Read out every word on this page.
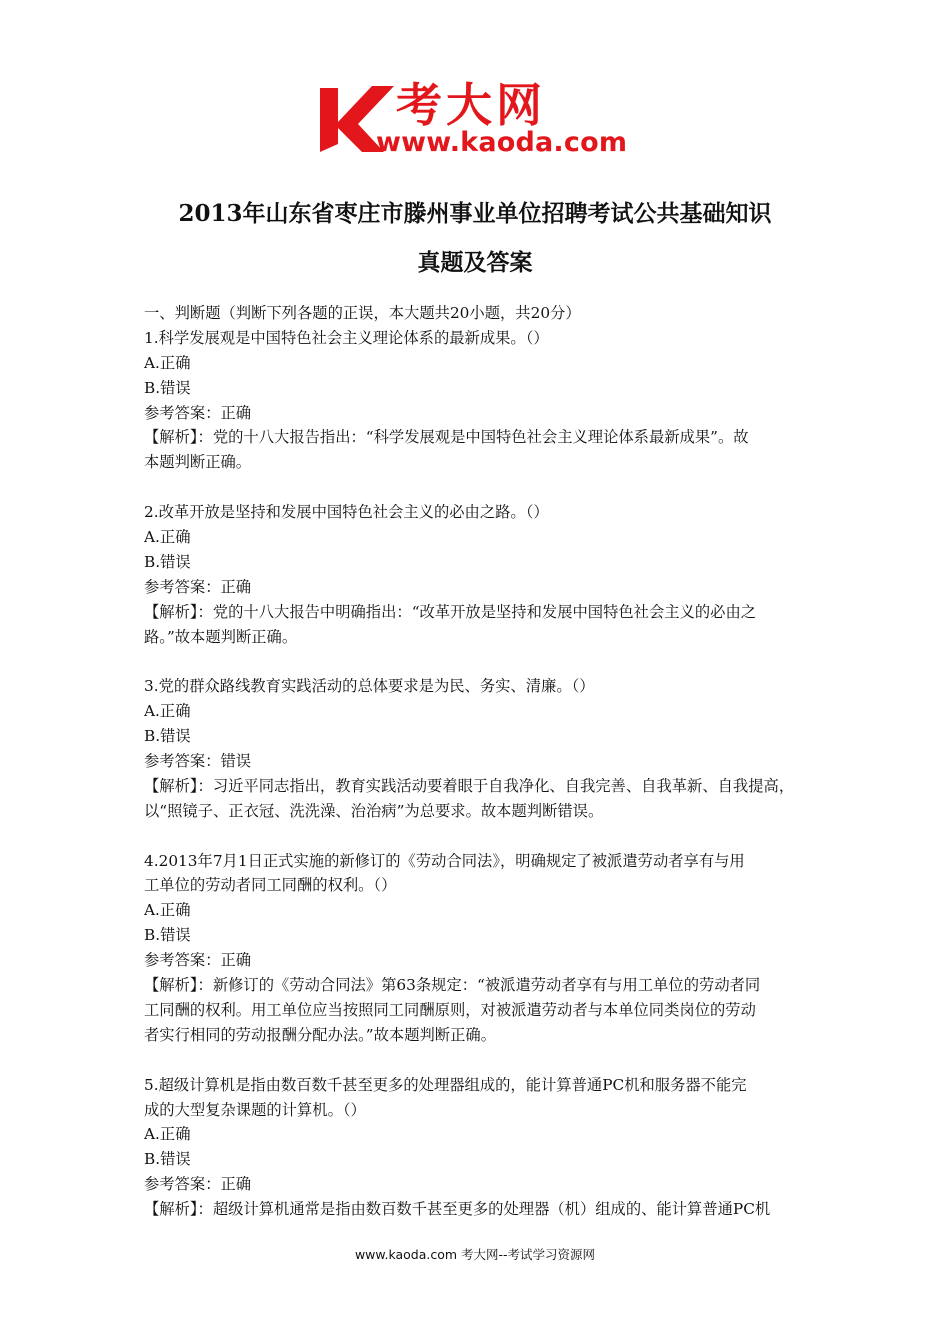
考大网
www.kaoda.com
2013年山东省枣庄市滕州事业单位招聘考试公共基础知识
真题及答案
一、判断题（判断下列各题的正误，本大题共20小题，共20分）
1.科学发展观是中国特色社会主义理论体系的最新成果。（）
A.正确
B.错误
参考答案：正确
【解析】：党的十八大报告指出：“科学发展观是中国特色社会主义理论体系最新成果”。故
本题判断正确。
2.改革开放是坚持和发展中国特色社会主义的必由之路。（）
A.正确
B.错误
参考答案：正确
【解析】：党的十八大报告中明确指出：“改革开放是坚持和发展中国特色社会主义的必由之
路。”故本题判断正确。
3.党的群众路线教育实践活动的总体要求是为民、务实、清廉。（）
A.正确
B.错误
参考答案：错误
【解析】：习近平同志指出，教育实践活动要着眼于自我净化、自我完善、自我革新、自我提高，
以“照镜子、正衣冠、洗洗澡、治治病”为总要求。故本题判断错误。
4.2013年7月1日正式实施的新修订的《劳动合同法》，明确规定了被派遣劳动者享有与用
工单位的劳动者同工同酬的权利。（）
A.正确
B.错误
参考答案：正确
【解析】：新修订的《劳动合同法》第63条规定：“被派遣劳动者享有与用工单位的劳动者同
工同酬的权利。用工单位应当按照同工同酬原则，对被派遣劳动者与本单位同类岗位的劳动
者实行相同的劳动报酬分配办法。”故本题判断正确。
5.超级计算机是指由数百数千甚至更多的处理器组成的，能计算普通PC机和服务器不能完
成的大型复杂课题的计算机。（）
A.正确
B.错误
参考答案：正确
【解析】：超级计算机通常是指由数百数千甚至更多的处理器（机）组成的、能计算普通PC机
www.kaoda.com 考大网--考试学习资源网
